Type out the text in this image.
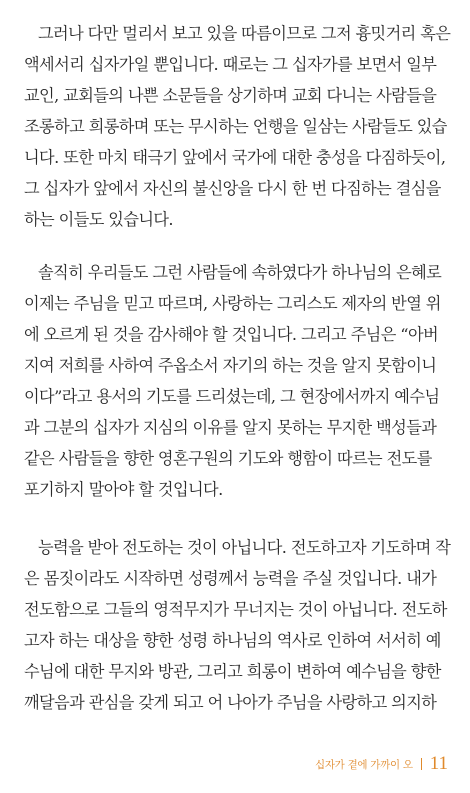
그러나 다만 멀리서 보고 있을 따름이므로 그저 흉밋거리 혹은
액세서리 십자가일 뿐입니다. 때로는 그 십자가를 보면서 일부
교인, 교회들의 나쁜 소문들을 상기하며 교회 다니는 사람들을
조롱하고 희롱하며 또는 무시하는 언행을 일삼는 사람들도 있습
니다. 또한 마치 태극기 앞에서 국가에 대한 충성을 다짐하듯이,
그 십자가 앞에서 자신의 불신앙을 다시 한 번 다짐하는 결심을
하는 이들도 있습니다.
솔직히 우리들도 그런 사람들에 속하였다가 하나님의 은혜로
이제는 주님을 믿고 따르며, 사랑하는 그리스도 제자의 반열 위
에 오르게 된 것을 감사해야 할 것입니다. 그리고 주님은 “아버
지여 저희를 사하여 주옵소서 자기의 하는 것을 알지 못함이니
이다”라고 용서의 기도를 드리셨는데, 그 현장에서까지 예수님
과 그분의 십자가 지심의 이유를 알지 못하는 무지한 백성들과
같은 사람들을 향한 영혼구원의 기도와 행함이 따르는 전도를
포기하지 말아야 할 것입니다.
능력을 받아 전도하는 것이 아닙니다. 전도하고자 기도하며 작
은 몸짓이라도 시작하면 성령께서 능력을 주실 것입니다. 내가
전도함으로 그들의 영적무지가 무너지는 것이 아닙니다. 전도하
고자 하는 대상을 향한 성령 하나님의 역사로 인하여 서서히 예
수님에 대한 무지와 방관, 그리고 희롱이 변하여 예수님을 향한
깨달음과 관심을 갖게 되고 어 나아가 주님을 사랑하고 의지하
십자가 곁에 가까이 오 11
